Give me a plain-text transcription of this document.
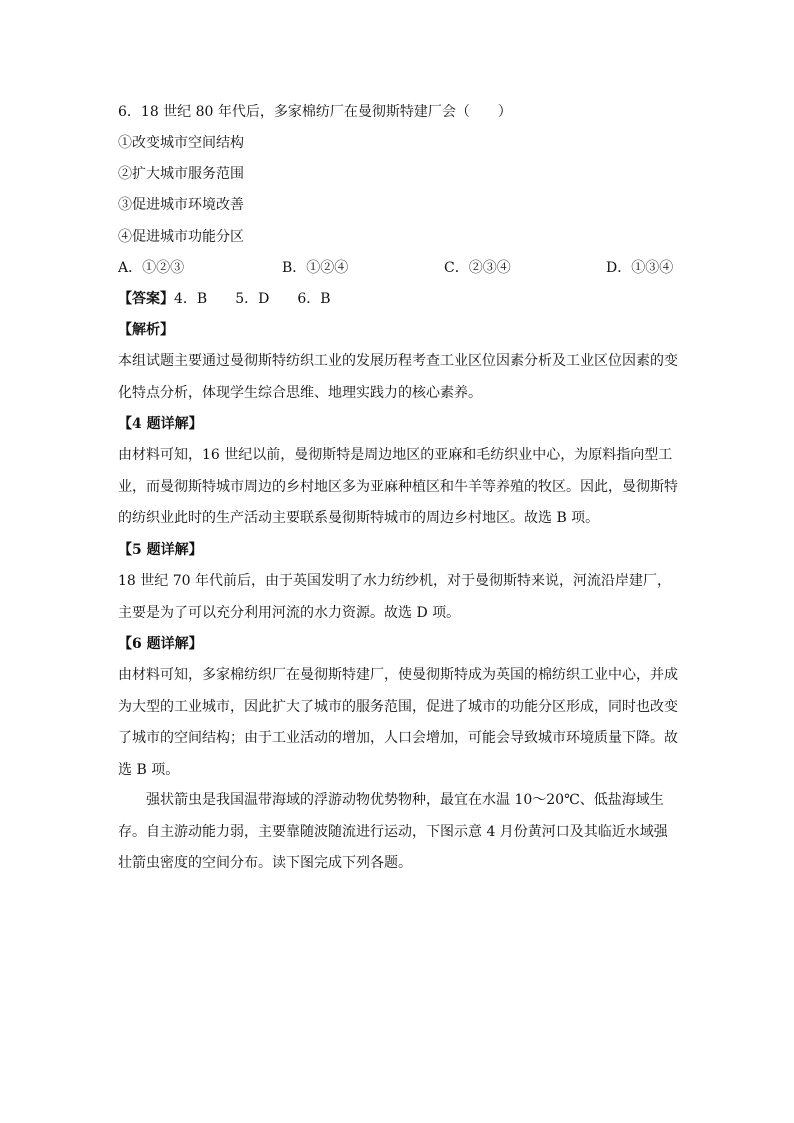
6．18 世纪 80 年代后，多家棉纺厂在曼彻斯特建厂会（　　）
①改变城市空间结构
②扩大城市服务范围
③促进城市环境改善
④促进城市功能分区
A．①②③	B．①②④	C．②③④	D．①③④
【答案】4．B　　5．D　　6．B
【解析】
本组试题主要通过曼彻斯特纺织工业的发展历程考查工业区位因素分析及工业区位因素的变化特点分析，体现学生综合思维、地理实践力的核心素养。
【4 题详解】
由材料可知，16 世纪以前，曼彻斯特是周边地区的亚麻和毛纺织业中心，为原料指向型工业，而曼彻斯特城市周边的乡村地区多为亚麻种植区和牛羊等养殖的牧区。因此，曼彻斯特的纺织业此时的生产活动主要联系曼彻斯特城市的周边乡村地区。故选 B 项。
【5 题详解】
18 世纪 70 年代前后，由于英国发明了水力纺纱机，对于曼彻斯特来说，河流沿岸建厂，主要是为了可以充分利用河流的水力资源。故选 D 项。
【6 题详解】
由材料可知，多家棉纺织厂在曼彻斯特建厂，使曼彻斯特成为英国的棉纺织工业中心，并成为大型的工业城市，因此扩大了城市的服务范围，促进了城市的功能分区形成，同时也改变了城市的空间结构；由于工业活动的增加，人口会增加，可能会导致城市环境质量下降。故选 B 项。
强状箭虫是我国温带海域的浮游动物优势物种，最宜在水温 10～20℃、低盐海域生存。自主游动能力弱，主要靠随波随流进行运动，下图示意 4 月份黄河口及其临近水域强壮箭虫密度的空间分布。读下图完成下列各题。
